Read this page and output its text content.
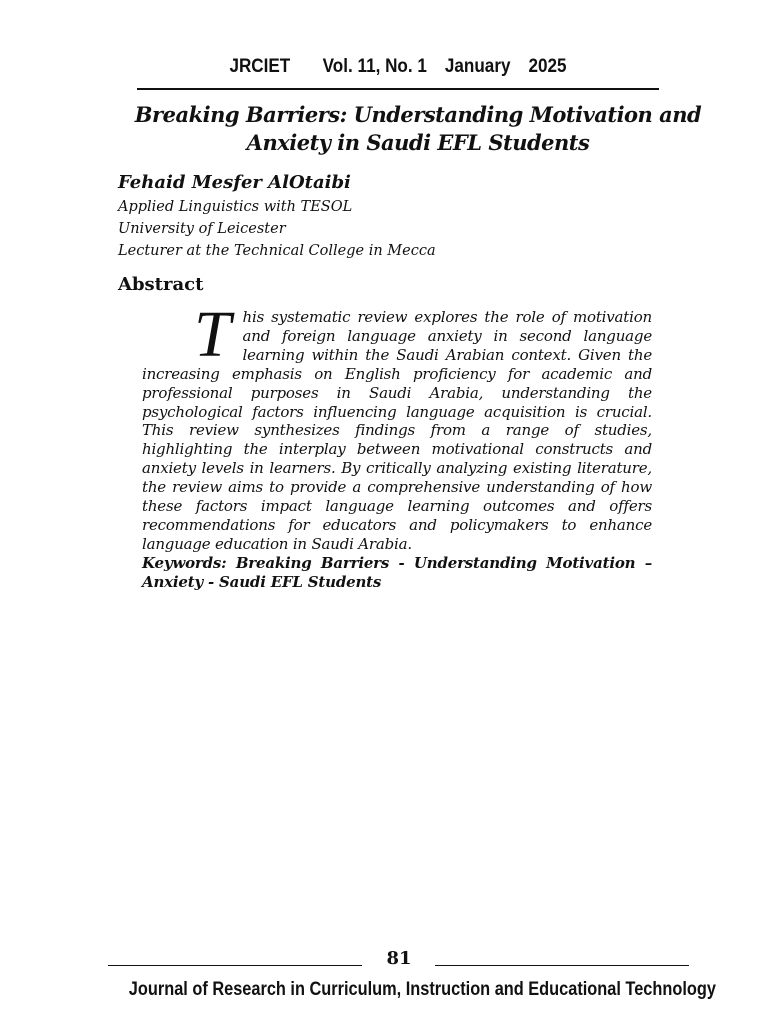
JRCIET Vol. 11, No. 1 January 2025
Breaking Barriers: Understanding Motivation and
Anxiety in Saudi EFL Students
Fehaid Mesfer AlOtaibi
Applied Linguistics with TESOL
University of Leicester
Lecturer at the Technical College in Mecca
Abstract
T his systematic review explores the role of motivation and foreign language anxiety in second language learning within the Saudi Arabian context. Given the increasing emphasis on English proficiency for academic and professional purposes in Saudi Arabia, understanding the psychological factors influencing language acquisition is crucial. This review synthesizes findings from a range of studies, highlighting the interplay between motivational constructs and anxiety levels in learners. By critically analyzing existing literature, the review aims to provide a comprehensive understanding of how these factors impact language learning outcomes and offers recommendations for educators and policymakers to enhance language education in Saudi Arabia.
Keywords: Breaking Barriers - Understanding Motivation – Anxiety - Saudi EFL Students
81
Journal of Research in Curriculum, Instruction and Educational Technology
